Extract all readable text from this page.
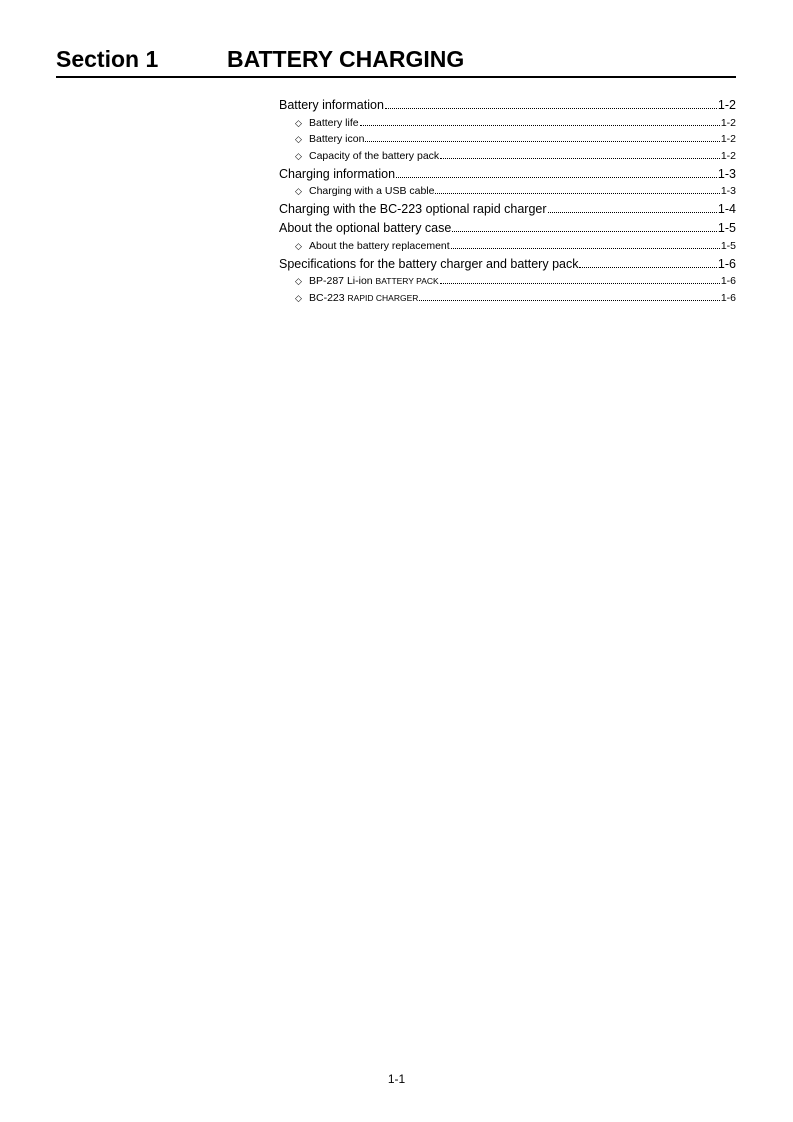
Section 1	BATTERY CHARGING
Battery information	1-2
◇ Battery life	1-2
◇ Battery icon	1-2
◇ Capacity of the battery pack	1-2
Charging information	1-3
◇ Charging with a USB cable	1-3
Charging with the BC-223 optional rapid charger	1-4
About the optional battery case	1-5
◇ About the battery replacement	1-5
Specifications for the battery charger and battery pack	1-6
◇ BP-287 Li-ion BATTERY PACK	1-6
◇ BC-223 RAPID CHARGER	1-6
1-1
